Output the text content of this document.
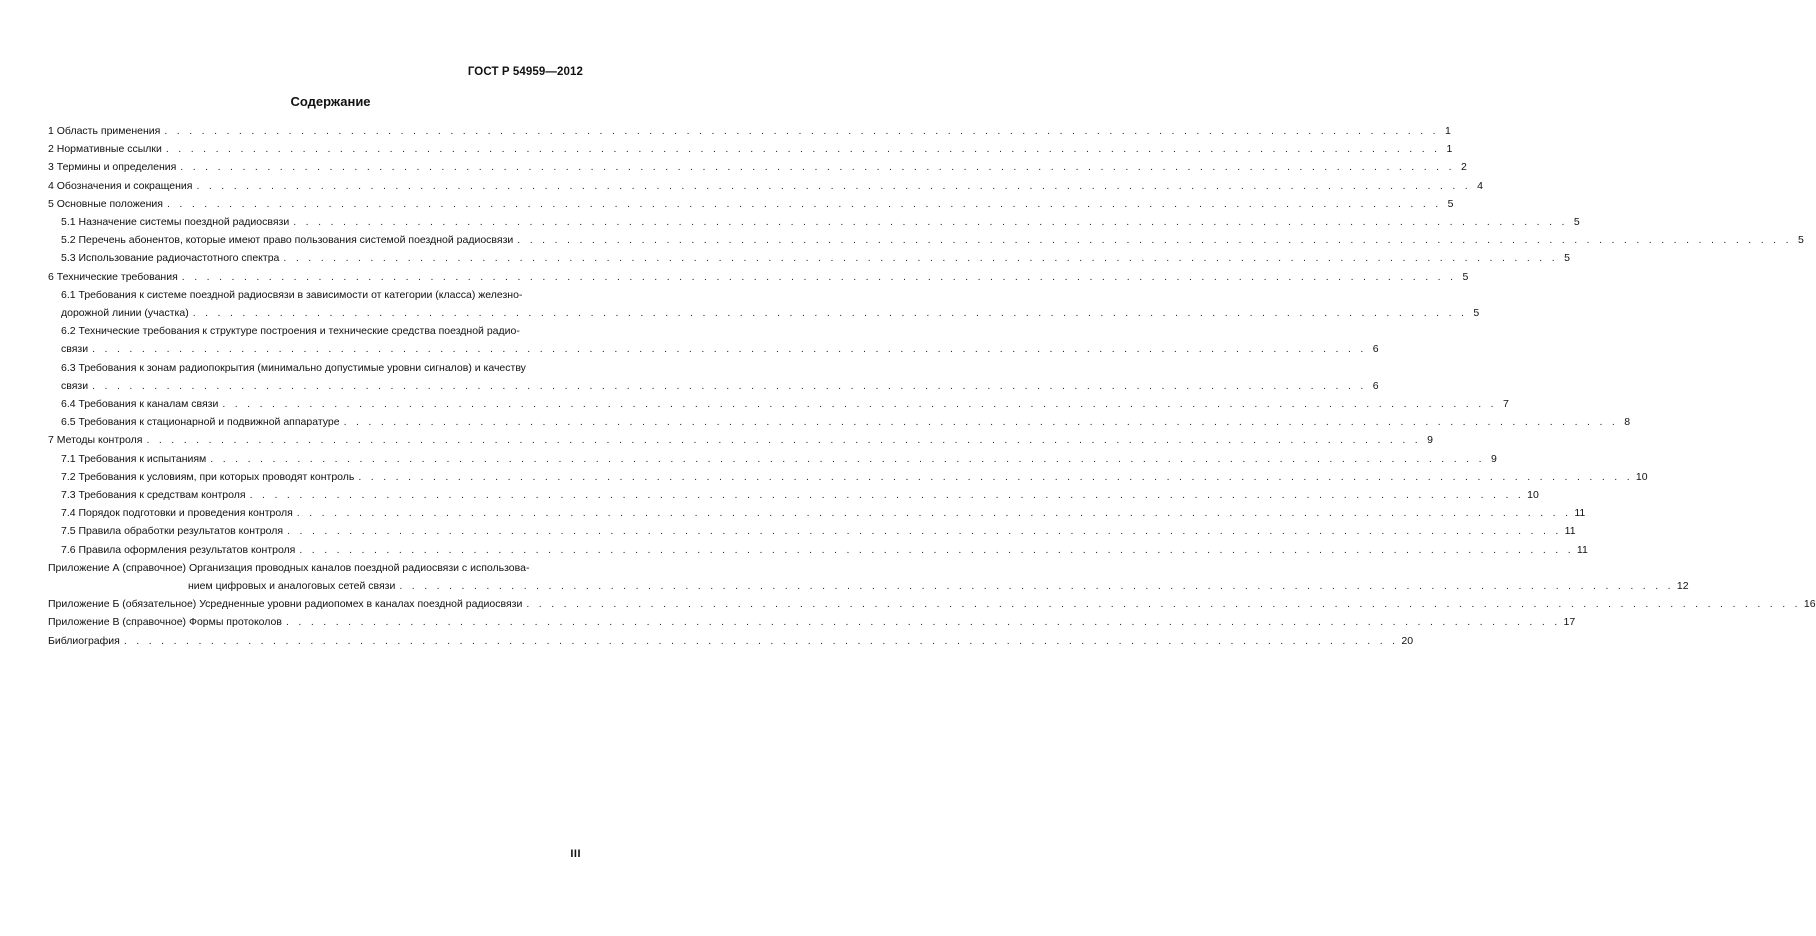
ГОСТ Р 54959—2012
Содержание
1 Область применения . . .	1
2 Нормативные ссылки . . .	1
3 Термины и определения . . .	2
4 Обозначения и сокращения . . .	4
5 Основные положения . . .	5
5.1 Назначение системы поездной радиосвязи . . .	5
5.2 Перечень абонентов, которые имеют право пользования системой поездной радиосвязи . . .	5
5.3 Использование радиочастотного спектра . . .	5
6 Технические требования . . .	5
6.1 Требования к системе поездной радиосвязи в зависимости от категории (класса) железно-
дорожной линии (участка) . . .	5
6.2 Технические требования к структуре построения и технические средства поездной радио-
связи . . .	6
6.3 Требования к зонам радиопокрытия (минимально допустимые уровни сигналов) и качеству
связи . . .	6
6.4 Требования к каналам связи . . .	7
6.5 Требования к стационарной и подвижной аппаратуре . . .	8
7 Методы контроля . . .	9
7.1 Требования к испытаниям . . .	9
7.2 Требования к условиям, при которых проводят контроль . . .	10
7.3 Требования к средствам контроля . . .	10
7.4 Порядок подготовки и проведения контроля . . .	11
7.5 Правила обработки результатов контроля . . .	11
7.6 Правила оформления результатов контроля . . .	11
Приложение А (справочное) Организация проводных каналов поездной радиосвязи с использова-
нием цифровых и аналоговых сетей связи . . .	12
Приложение Б (обязательное) Усредненные уровни радиопомех в каналах поездной радиосвязи . . .	16
Приложение В (справочное) Формы протоколов . . .	17
Библиография . . .	20
III
